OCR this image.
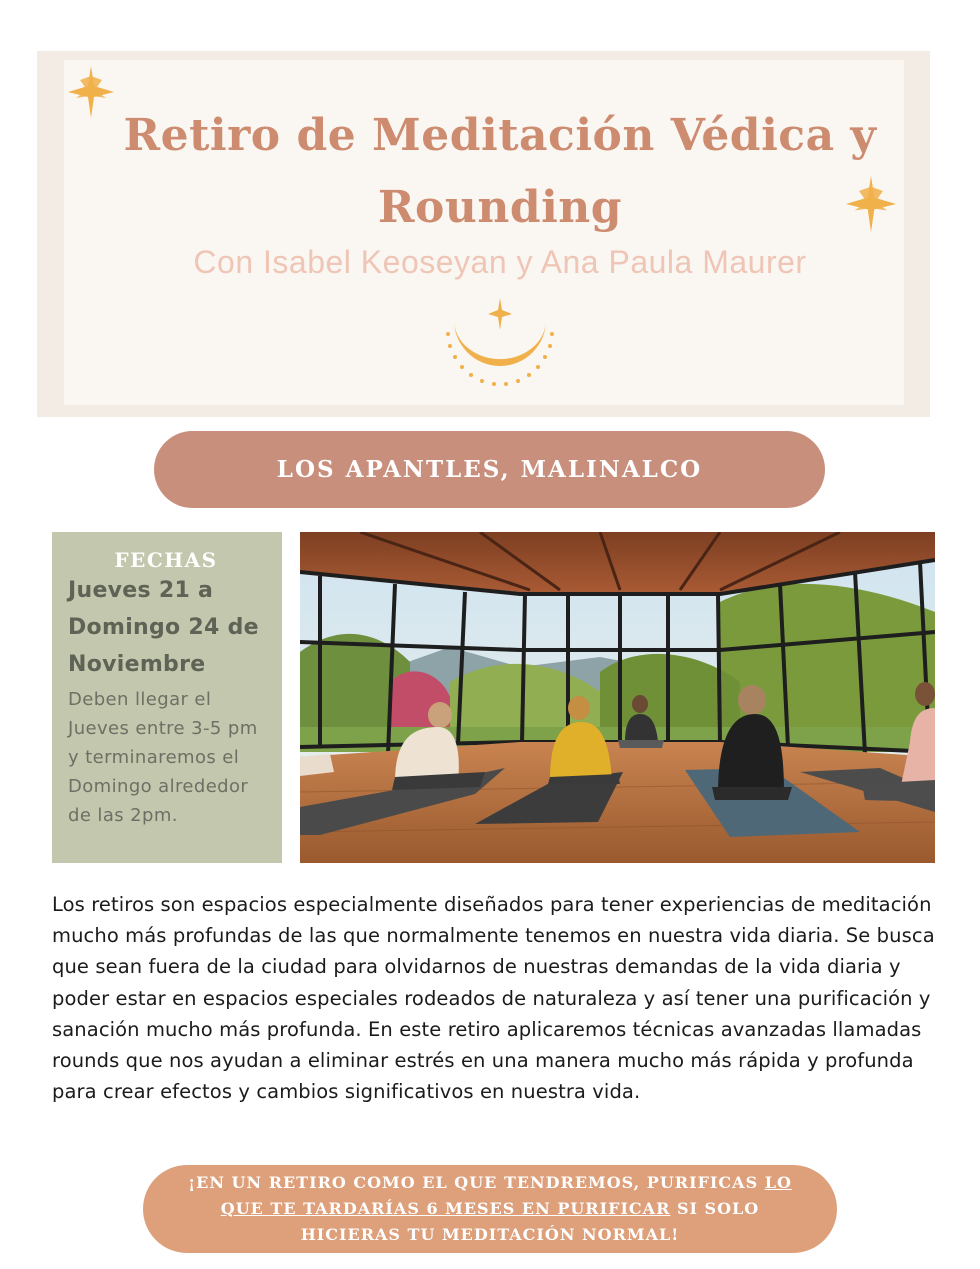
Retiro de Meditación Védica y Rounding
Con Isabel Keoseyan y Ana Paula Maurer
LOS APANTLES, MALINALCO
FECHAS
Jueves 21 a Domingo 24 de Noviembre
Deben llegar el Jueves entre 3-5 pm y terminaremos el Domingo alrededor de las 2pm.

Los retiros son espacios especialmente diseñados para tener experiencias de meditación mucho más profundas de las que normalmente tenemos en nuestra vida diaria. Se busca que sean fuera de la ciudad para olvidarnos de nuestras demandas de la vida diaria y poder estar en espacios especiales rodeados de naturaleza y así tener una purificación y sanación mucho más profunda. En este retiro aplicaremos técnicas avanzadas llamadas rounds que nos ayudan a eliminar estrés en una manera mucho más rápida y profunda para crear efectos y cambios significativos en nuestra vida.

¡EN UN RETIRO COMO EL QUE TENDREMOS, PURIFICAS LO QUE TE TARDARÍAS 6 MESES EN PURIFICAR SI SOLO HICIERAS TU MEDITACIÓN NORMAL!
